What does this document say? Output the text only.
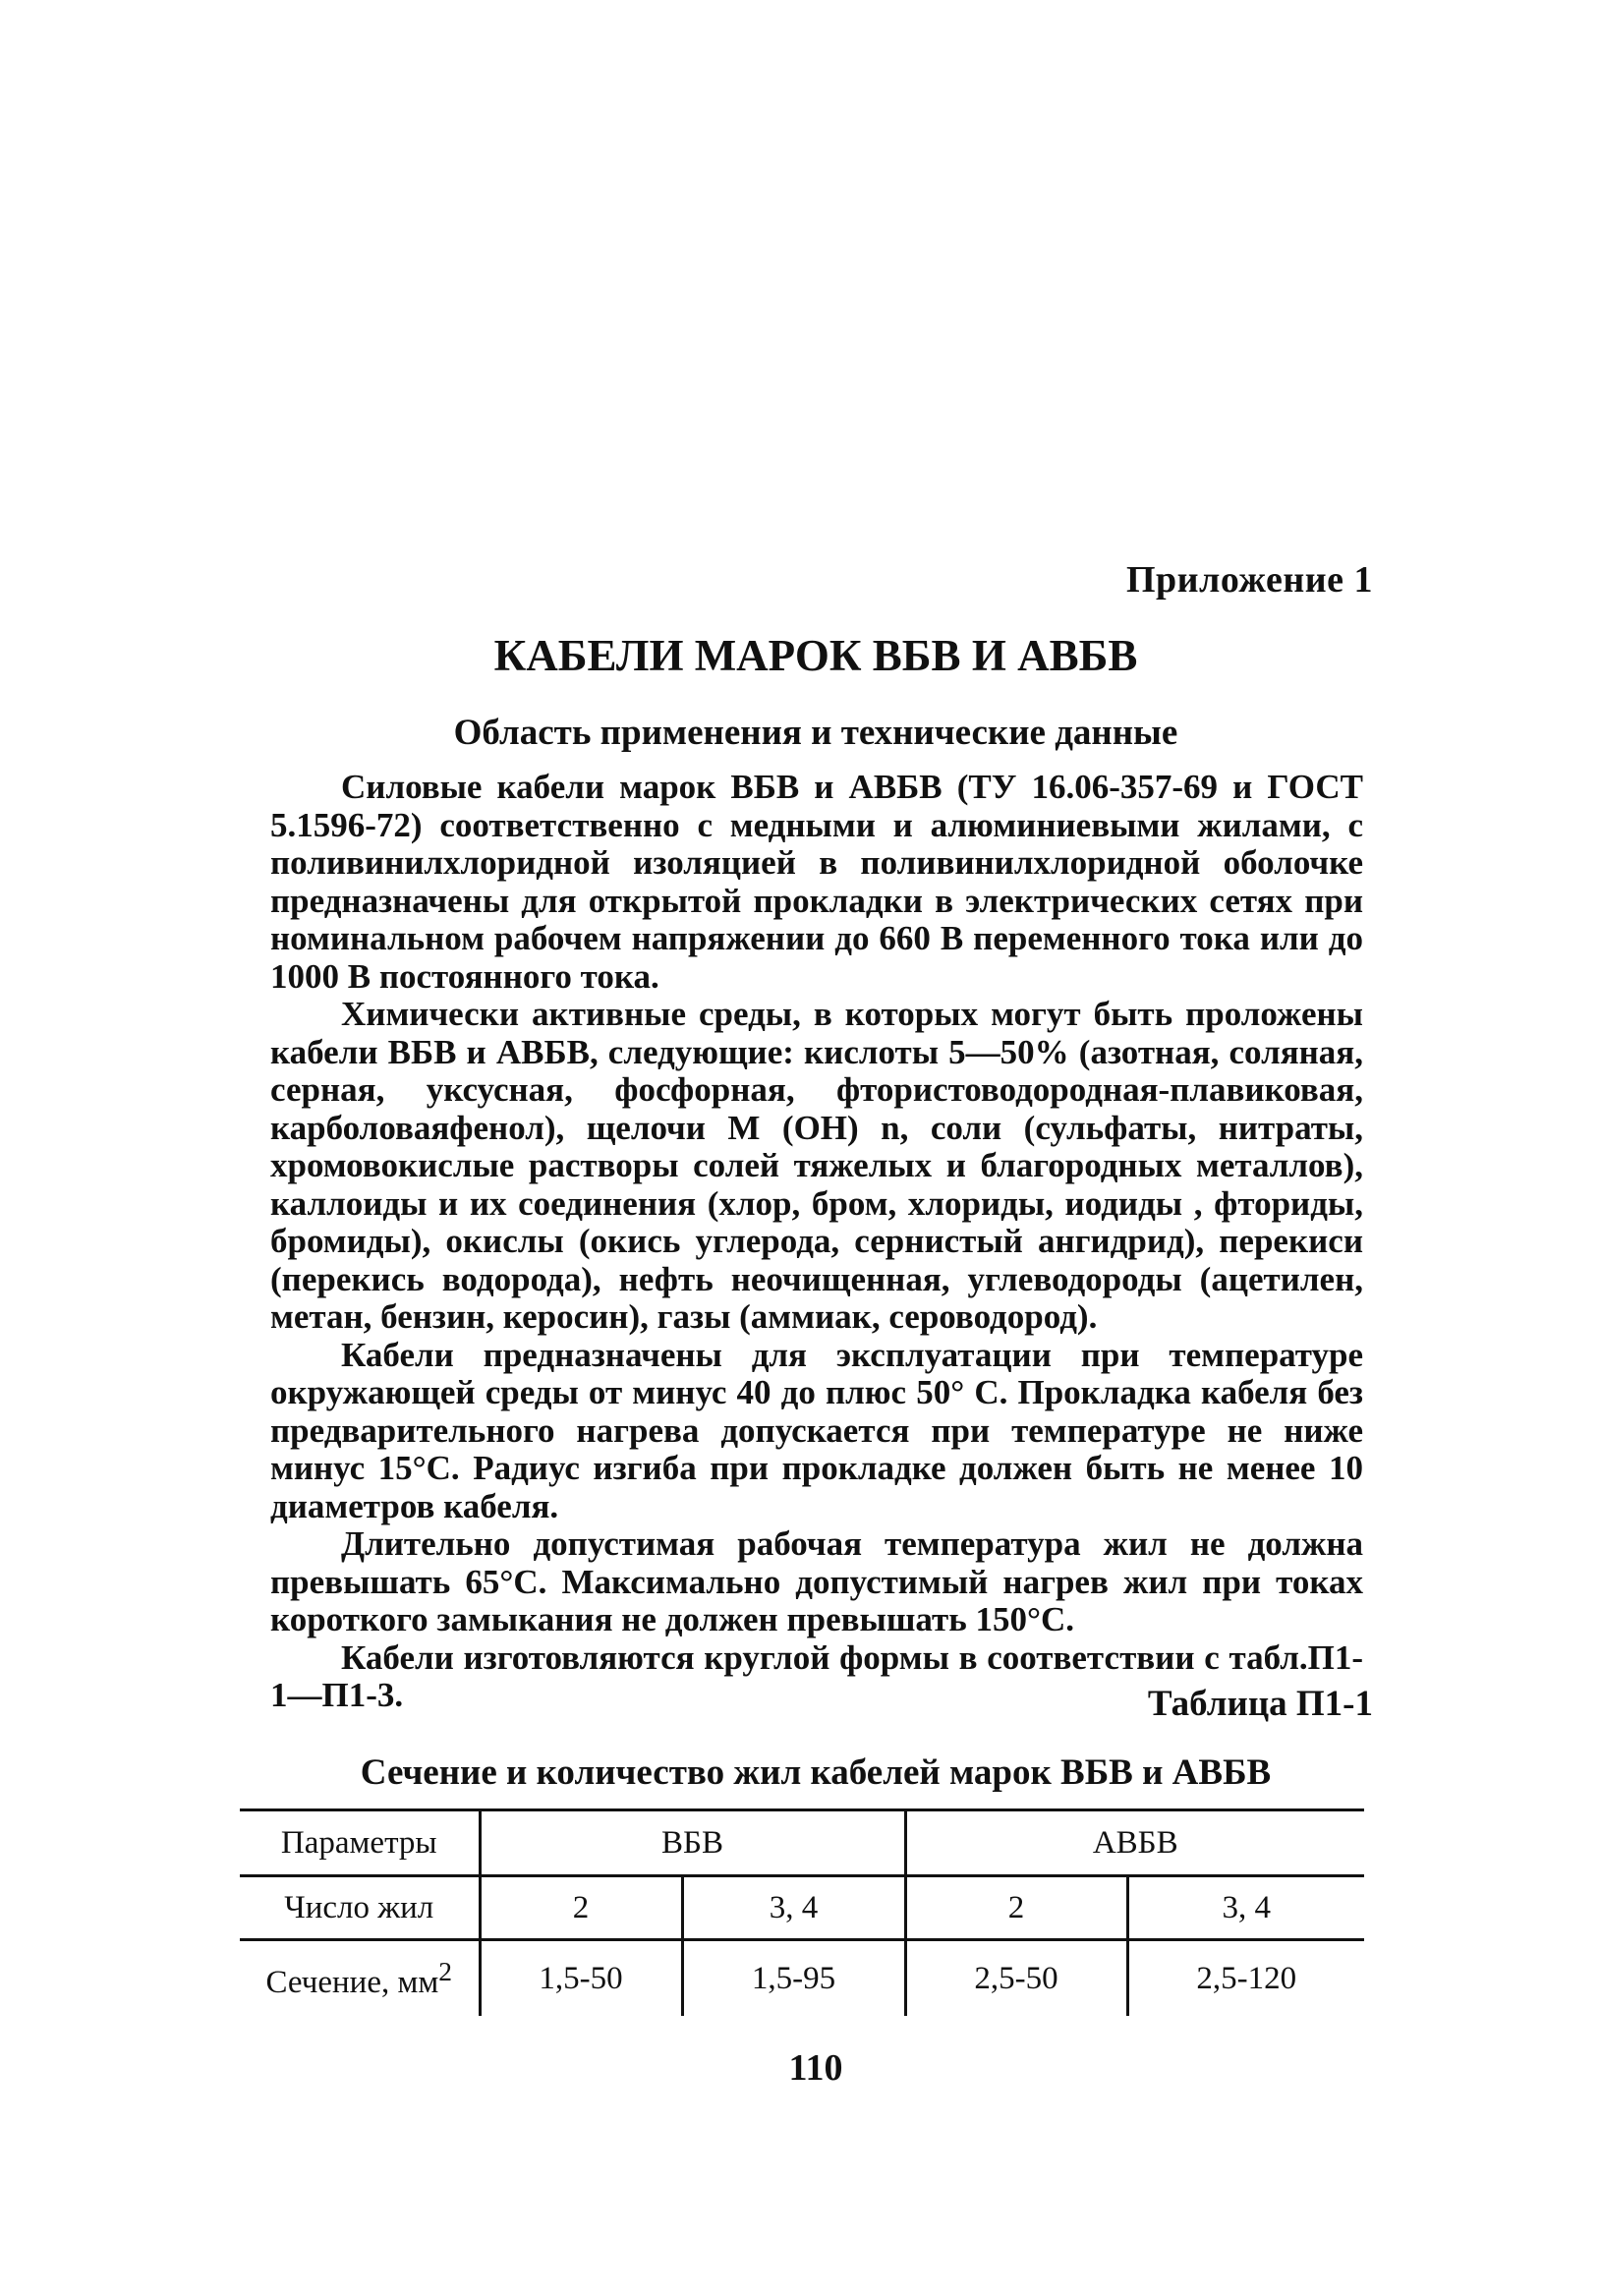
Приложение 1
КАБЕЛИ МАРОК ВБВ И АВБВ
Область применения и технические данные

Силовые кабели марок ВБВ и АВБВ (ТУ 16.06-357-69 и ГОСТ 5.1596-72) соответственно с медными и алюминиевыми жилами, с поливинилхлоридной изоляцией в поливинилхлоридной оболочке предназначены для открытой прокладки в электрических сетях при номинальном рабочем напряжении до 660 В переменного тока или до 1000 В постоянного тока.

Химически активные среды, в которых могут быть проложены кабели ВБВ и АВБВ, следующие: кислоты 5—50% (азотная, соляная, серная, уксусная, фосфорная, фтористоводородная-плавиковая, карболоваяфенол), щелочи М (ОН) n, соли (сульфаты, нитраты, хромовокислые растворы солей тяжелых и благородных металлов), каллоиды и их соединения (хлор, бром, хлориды, иодиды , фториды, бромиды), окислы (окись углерода, сернистый ангидрид), перекиси (перекись водорода), нефть неочищенная, углеводороды (ацетилен, метан, бензин, керосин), газы (аммиак, сероводород).

Кабели предназначены для эксплуатации при температуре окружающей среды от минус 40 до плюс 50° С. Прокладка кабеля без предварительного нагрева допускается при температуре не ниже минус 15°С. Радиус изгиба при прокладке должен быть не менее 10 диаметров кабеля.

Длительно допустимая рабочая температура жил не должна превышать 65°С. Максимально допустимый нагрев жил при токах короткого замыкания не должен превышать 150°С.

Кабели изготовляются круглой формы в соответствии с табл.П1-1—П1-3.	Таблица П1-1
Сечение и количество жил кабелей марок ВБВ и АВБВ
Параметры	ВБВ		АВБВ	
Число жил	2	3, 4	2	3, 4
Сечение, $мм^2$	1,5-50	1,5-95	2,5-50	2,5-120
110
